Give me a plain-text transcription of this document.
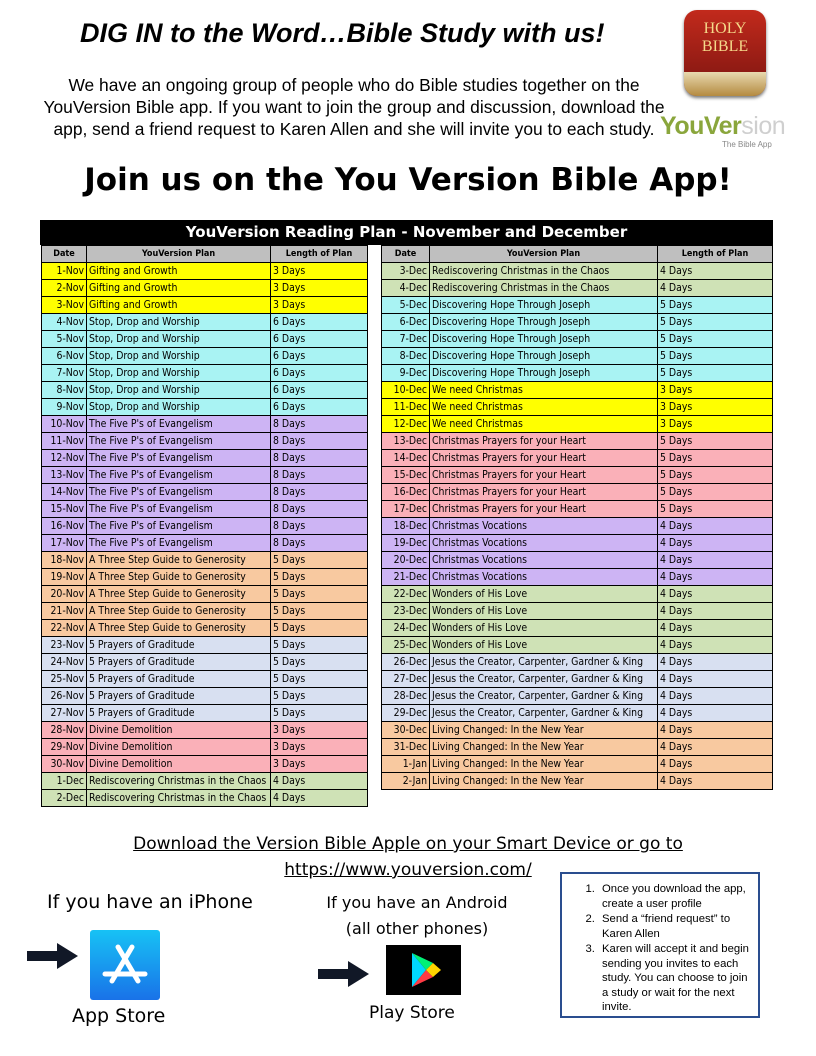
DIG IN to the Word…Bible Study with us!
We have an ongoing group of people who do Bible studies together on the YouVersion Bible app. If you want to join the group and discussion, download the app, send a friend request to Karen Allen and she will invite you to each study.
HOLY BIBLE
YouVersion
The Bible App
Join us on the You Version Bible App!
YouVersion Reading Plan - November and December
Date	YouVersion Plan	Length of Plan
1-Nov	Gifting and Growth	3 Days
2-Nov	Gifting and Growth	3 Days
3-Nov	Gifting and Growth	3 Days
4-Nov	Stop, Drop and Worship	6 Days
5-Nov	Stop, Drop and Worship	6 Days
6-Nov	Stop, Drop and Worship	6 Days
7-Nov	Stop, Drop and Worship	6 Days
8-Nov	Stop, Drop and Worship	6 Days
9-Nov	Stop, Drop and Worship	6 Days
10-Nov	The Five P's of Evangelism	8 Days
11-Nov	The Five P's of Evangelism	8 Days
12-Nov	The Five P's of Evangelism	8 Days
13-Nov	The Five P's of Evangelism	8 Days
14-Nov	The Five P's of Evangelism	8 Days
15-Nov	The Five P's of Evangelism	8 Days
16-Nov	The Five P's of Evangelism	8 Days
17-Nov	The Five P's of Evangelism	8 Days
18-Nov	A Three Step Guide to Generosity	5 Days
19-Nov	A Three Step Guide to Generosity	5 Days
20-Nov	A Three Step Guide to Generosity	5 Days
21-Nov	A Three Step Guide to Generosity	5 Days
22-Nov	A Three Step Guide to Generosity	5 Days
23-Nov	5 Prayers of Graditude	5 Days
24-Nov	5 Prayers of Graditude	5 Days
25-Nov	5 Prayers of Graditude	5 Days
26-Nov	5 Prayers of Graditude	5 Days
27-Nov	5 Prayers of Graditude	5 Days
28-Nov	Divine Demolition	3 Days
29-Nov	Divine Demolition	3 Days
30-Nov	Divine Demolition	3 Days
1-Dec	Rediscovering Christmas in the Chaos	4 Days
2-Dec	Rediscovering Christmas in the Chaos	4 Days
Date	YouVersion Plan	Length of Plan
3-Dec	Rediscovering Christmas in the Chaos	4 Days
4-Dec	Rediscovering Christmas in the Chaos	4 Days
5-Dec	Discovering Hope Through Joseph	5 Days
6-Dec	Discovering Hope Through Joseph	5 Days
7-Dec	Discovering Hope Through Joseph	5 Days
8-Dec	Discovering Hope Through Joseph	5 Days
9-Dec	Discovering Hope Through Joseph	5 Days
10-Dec	We need Christmas	3 Days
11-Dec	We need Christmas	3 Days
12-Dec	We need Christmas	3 Days
13-Dec	Christmas Prayers for your Heart	5 Days
14-Dec	Christmas Prayers for your Heart	5 Days
15-Dec	Christmas Prayers for your Heart	5 Days
16-Dec	Christmas Prayers for your Heart	5 Days
17-Dec	Christmas Prayers for your Heart	5 Days
18-Dec	Christmas Vocations	4 Days
19-Dec	Christmas Vocations	4 Days
20-Dec	Christmas Vocations	4 Days
21-Dec	Christmas Vocations	4 Days
22-Dec	Wonders of His Love	4 Days
23-Dec	Wonders of His Love	4 Days
24-Dec	Wonders of His Love	4 Days
25-Dec	Wonders of His Love	4 Days
26-Dec	Jesus the Creator, Carpenter, Gardner & King	4 Days
27-Dec	Jesus the Creator, Carpenter, Gardner & King	4 Days
28-Dec	Jesus the Creator, Carpenter, Gardner & King	4 Days
29-Dec	Jesus the Creator, Carpenter, Gardner & King	4 Days
30-Dec	Living Changed: In the New Year	4 Days
31-Dec	Living Changed: In the New Year	4 Days
1-Jan	Living Changed: In the New Year	4 Days
2-Jan	Living Changed: In the New Year	4 Days
Download the Version Bible Apple on your Smart Device or go to
https://www.youversion.com/
If you have an iPhone	If you have an Android (all other phones)
App Store	Play Store
1. Once you download the app, create a user profile
2. Send a “friend request” to Karen Allen
3. Karen will accept it and begin sending you invites to each study. You can choose to join a study or wait for the next invite.
